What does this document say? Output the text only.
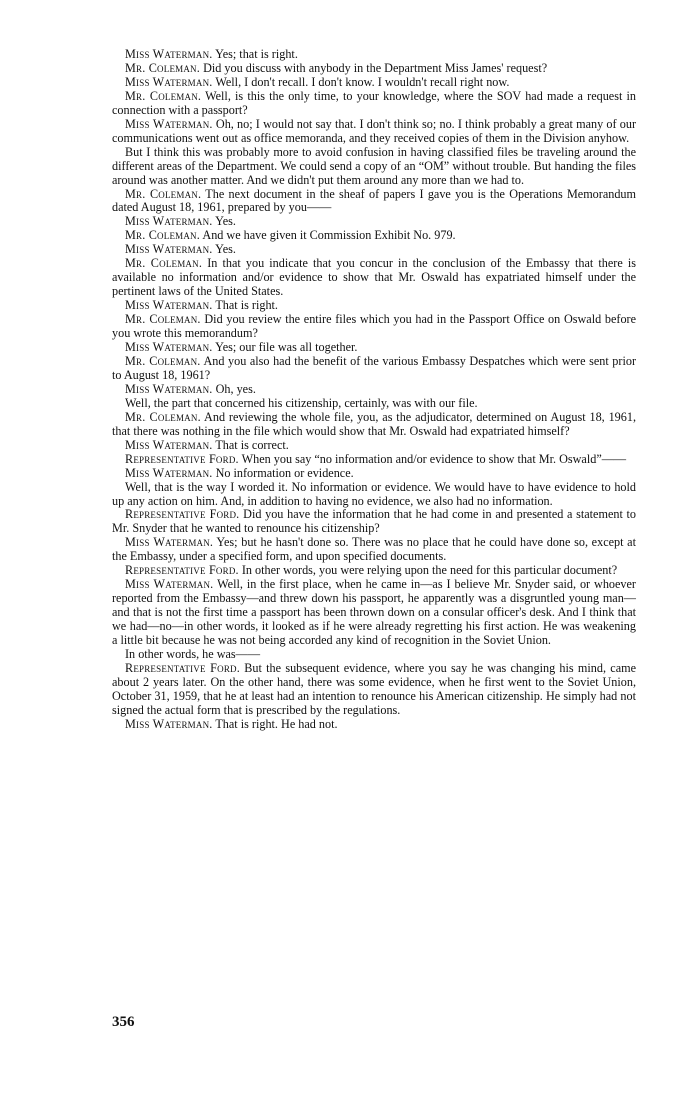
Miss Waterman. Yes; that is right.

Mr. Coleman. Did you discuss with anybody in the Department Miss James' request?

Miss Waterman. Well, I don't recall. I don't know. I wouldn't recall right now.

Mr. Coleman. Well, is this the only time, to your knowledge, where the SOV had made a request in connection with a passport?

Miss Waterman. Oh, no; I would not say that. I don't think so; no. I think probably a great many of our communications went out as office memoranda, and they received copies of them in the Division anyhow.

But I think this was probably more to avoid confusion in having classified files be traveling around the different areas of the Department. We could send a copy of an “OM” without trouble. But handing the files around was another matter. And we didn't put them around any more than we had to.

Mr. Coleman. The next document in the sheaf of papers I gave you is the Operations Memorandum dated August 18, 1961, prepared by you——

Miss Waterman. Yes.

Mr. Coleman. And we have given it Commission Exhibit No. 979.

Miss Waterman. Yes.

Mr. Coleman. In that you indicate that you concur in the conclusion of the Embassy that there is available no information and/or evidence to show that Mr. Oswald has expatriated himself under the pertinent laws of the United States.

Miss Waterman. That is right.

Mr. Coleman. Did you review the entire files which you had in the Passport Office on Oswald before you wrote this memorandum?

Miss Waterman. Yes; our file was all together.

Mr. Coleman. And you also had the benefit of the various Embassy Despatches which were sent prior to August 18, 1961?

Miss Waterman. Oh, yes.

Well, the part that concerned his citizenship, certainly, was with our file.

Mr. Coleman. And reviewing the whole file, you, as the adjudicator, determined on August 18, 1961, that there was nothing in the file which would show that Mr. Oswald had expatriated himself?

Miss Waterman. That is correct.

Representative Ford. When you say “no information and/or evidence to show that Mr. Oswald”——

Miss Waterman. No information or evidence.

Well, that is the way I worded it. No information or evidence. We would have to have evidence to hold up any action on him. And, in addition to having no evidence, we also had no information.

Representative Ford. Did you have the information that he had come in and presented a statement to Mr. Snyder that he wanted to renounce his citizenship?

Miss Waterman. Yes; but he hasn't done so. There was no place that he could have done so, except at the Embassy, under a specified form, and upon specified documents.

Representative Ford. In other words, you were relying upon the need for this particular document?

Miss Waterman. Well, in the first place, when he came in—as I believe Mr. Snyder said, or whoever reported from the Embassy—and threw down his passport, he apparently was a disgruntled young man—and that is not the first time a passport has been thrown down on a consular officer's desk. And I think that we had—no—in other words, it looked as if he were already regretting his first action. He was weakening a little bit because he was not being accorded any kind of recognition in the Soviet Union.

In other words, he was——

Representative Ford. But the subsequent evidence, where you say he was changing his mind, came about 2 years later. On the other hand, there was some evidence, when he first went to the Soviet Union, October 31, 1959, that he at least had an intention to renounce his American citizenship. He simply had not signed the actual form that is prescribed by the regulations.

Miss Waterman. That is right. He had not.

356
